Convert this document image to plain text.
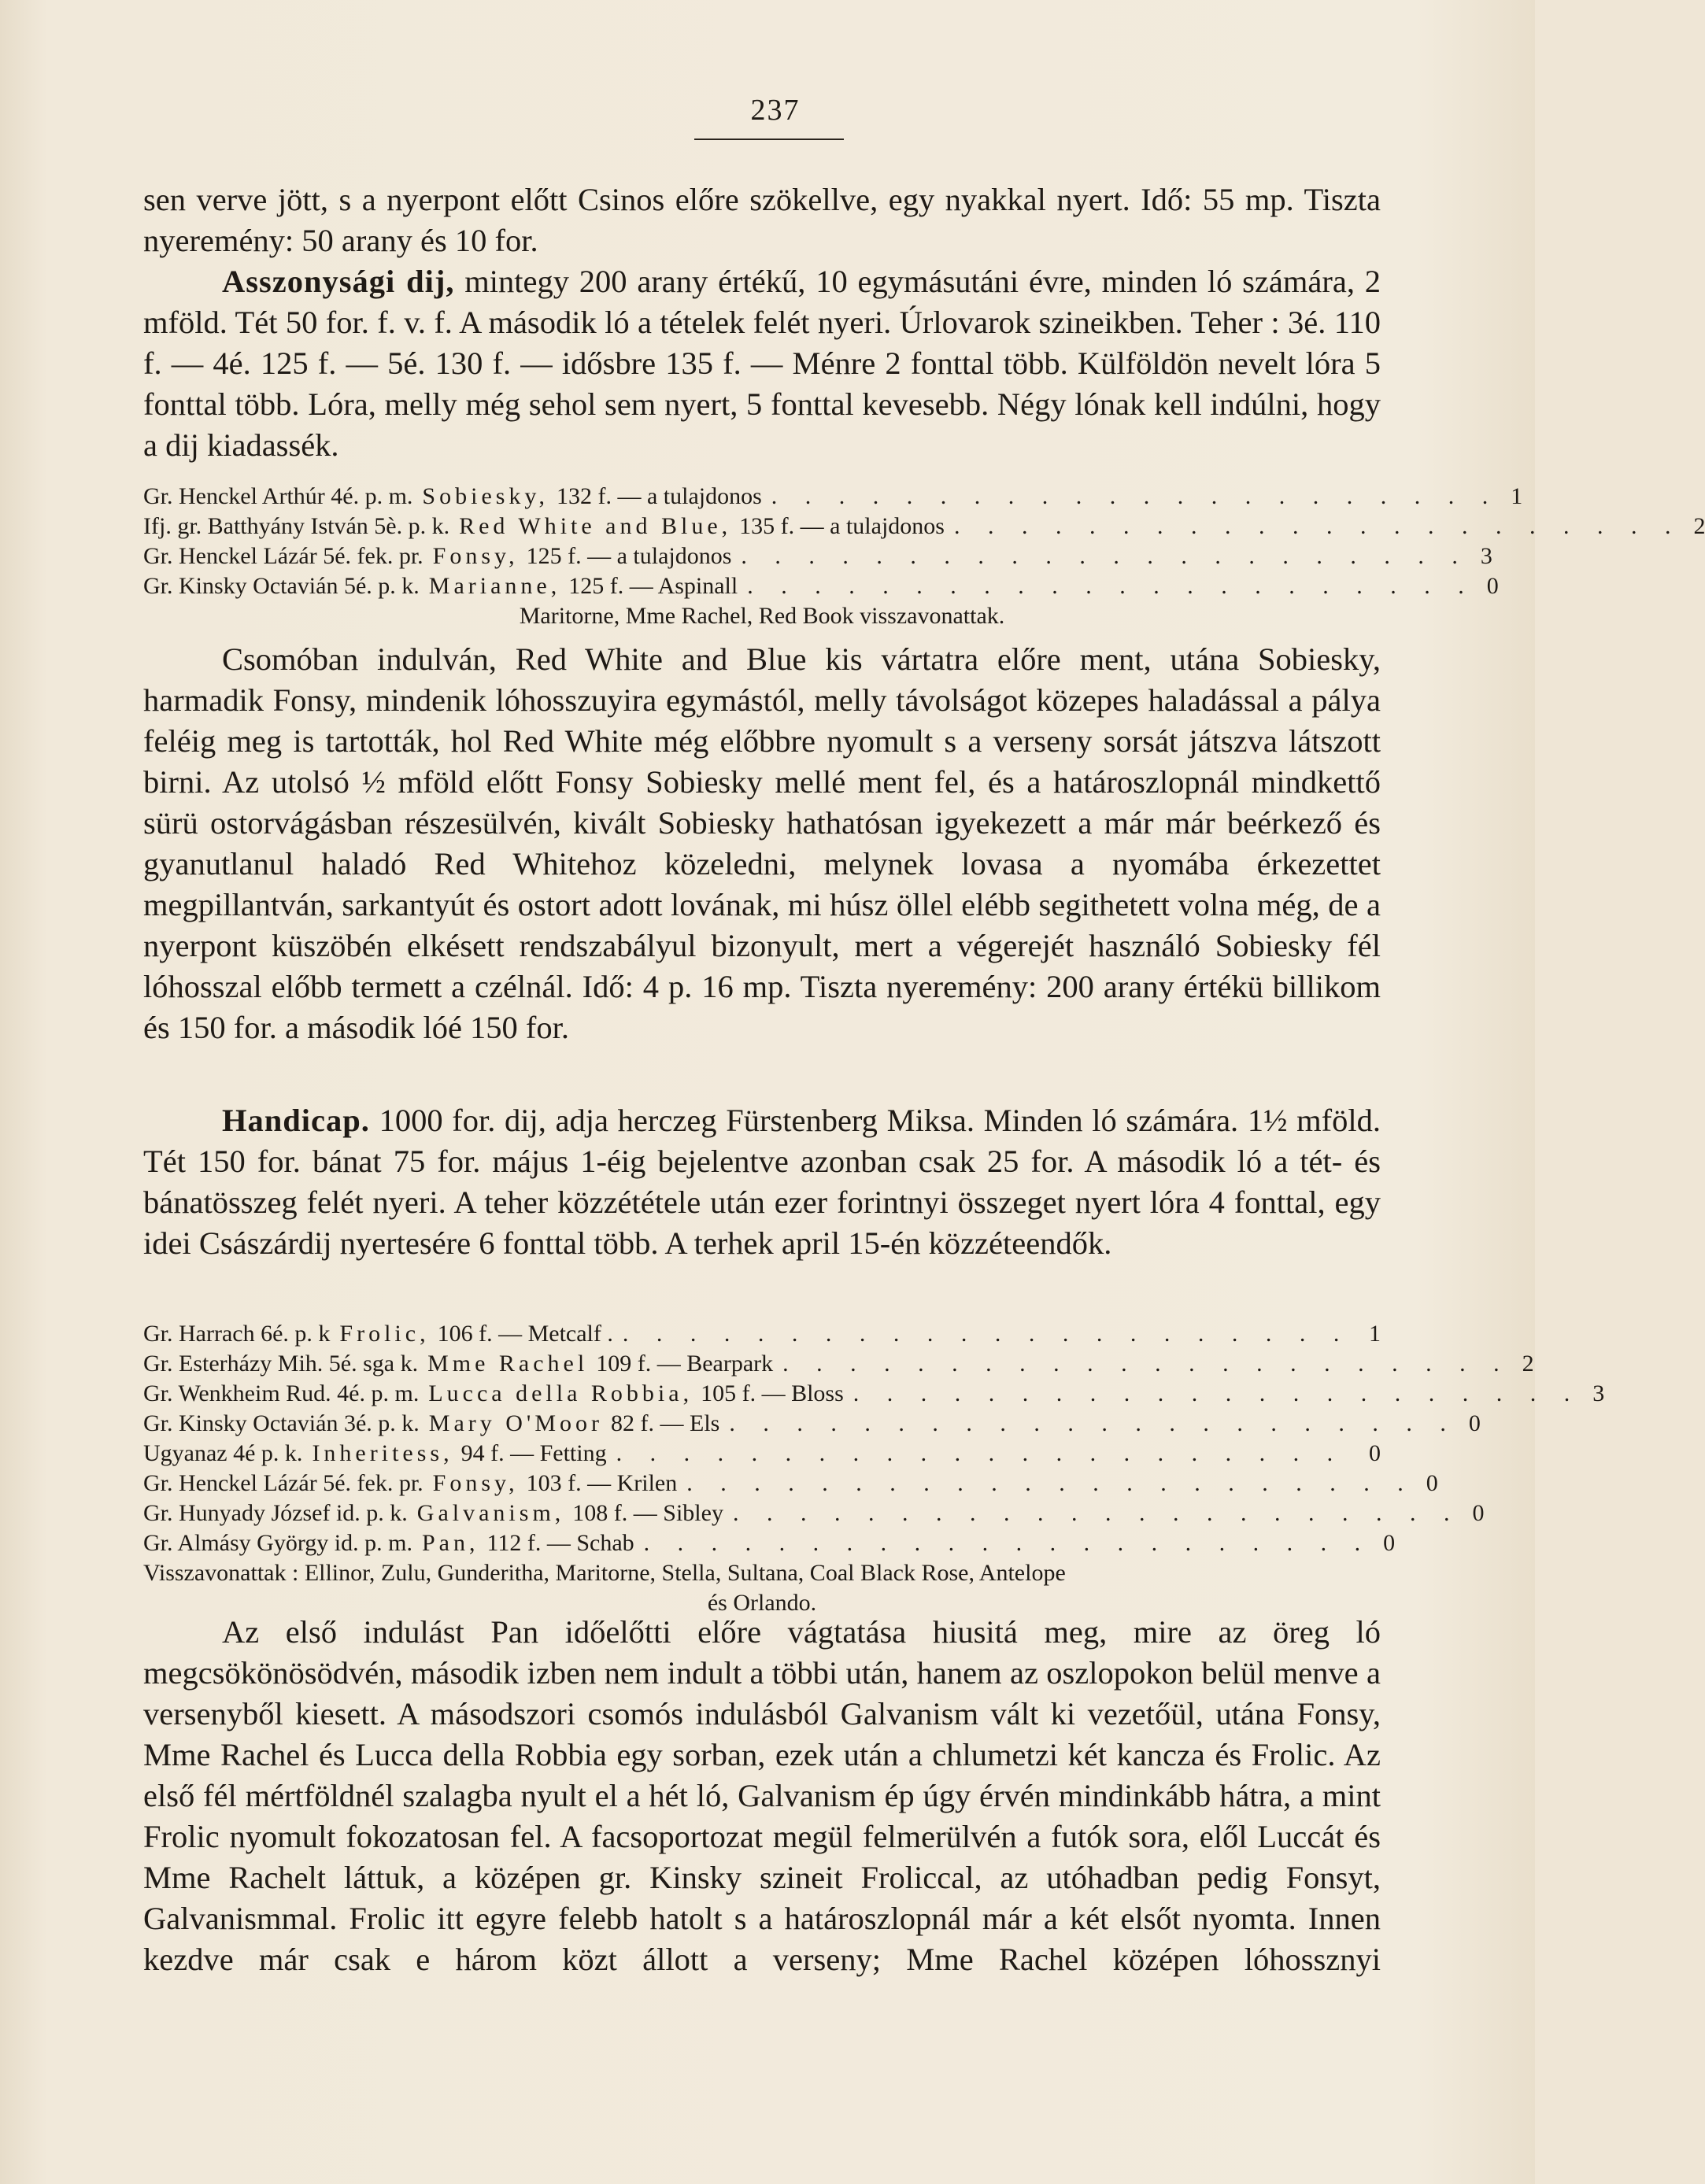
237

sen verve jött, s a nyerpont előtt Csinos előre szökellve, egy nyakkal nyert. Idő: 55 mp. Tiszta nyeremény: 50 arany és 10 for.

Asszonysági dij, mintegy 200 arany értékű, 10 egymásutáni évre, minden ló számára, 2 mföld. Tét 50 for. f. v. f. A második ló a tételek felét nyeri. Úrlovarok szineikben. Teher : 3é. 110 f. — 4é. 125 f. — 5é. 130 f. — idősbre 135 f. — Ménre 2 fonttal több. Külföldön nevelt lóra 5 fonttal több. Lóra, melly még sehol sem nyert, 5 fonttal kevesebb. Négy lónak kell indúlni, hogy a dij kiadassék.

Gr. Henckel Arthúr 4é. p. m. Sobiesky, 132 f. — a tulajdonos . . . . . . . . . . . . . . . . . . . . . . 1
Ifj. gr. Batthyány István 5è. p. k. Red White and Blue, 135 f. — a tulajdonos . . . . . . . . . . . . . . . . . . . . . . 2
Gr. Henckel Lázár 5é. fek. pr. Fonsy, 125 f. — a tulajdonos . . . . . . . . . . . . . . . . . . . . . . 3
Gr. Kinsky Octavián 5é. p. k. Marianne, 125 f. — Aspinall . . . . . . . . . . . . . . . . . . . . . . 0
Maritorne, Mme Rachel, Red Book visszavonattak.

Csomóban indulván, Red White and Blue kis vártatra előre ment, utána Sobiesky, harmadik Fonsy, mindenik lóhosszuyira egymástól, melly távolságot közepes haladással a pálya feléig meg is tartották, hol Red White még előbbre nyomult s a verseny sorsát játszva látszott birni. Az utolsó ½ mföld előtt Fonsy Sobiesky mellé ment fel, és a határoszlopnál mindkettő sürü ostorvágásban részesülvén, kivált Sobiesky hathatósan igyekezett a már már beérkező és gyanutlanul haladó Red Whitehoz közeledni, melynek lovasa a nyomába érkezettet megpillantván, sarkantyút és ostort adott lovának, mi húsz öllel elébb segithetett volna még, de a nyerpont küszöbén elkésett rendszabályul bizonyult, mert a végerejét használó Sobiesky fél lóhosszal előbb termett a czélnál. Idő: 4 p. 16 mp. Tiszta nyeremény: 200 arany értékü billikom és 150 for. a második lóé 150 for.

Handicap. 1000 for. dij, adja herczeg Fürstenberg Miksa. Minden ló számára. 1½ mföld. Tét 150 for. bánat 75 for. május 1-éig bejelentve azonban csak 25 for. A második ló a tét- és bánatösszeg felét nyeri. A teher közzététele után ezer forintnyi összeget nyert lóra 4 fonttal, egy idei Császárdij nyertesére 6 fonttal több. A terhek april 15-én közzéteendők.

Gr. Harrach 6é. p. k Frolic, 106 f. — Metcalf . . . . . . . . . . . . . . . . . . . . . . . 1
Gr. Esterházy Mih. 5é. sga k. Mme Rachel 109 f. — Bearpark . . . . . . . . . . . . . . . . . . . . . . 2
Gr. Wenkheim Rud. 4é. p. m. Lucca della Robbia, 105 f. — Bloss . . . . . . . . . . . . . . . . . . . . . . 3
Gr. Kinsky Octavián 3é. p. k. Mary O'Moor 82 f. — Els . . . . . . . . . . . . . . . . . . . . . . 0
Ugyanaz 4é p. k. Inheritess, 94 f. — Fetting . . . . . . . . . . . . . . . . . . . . . .	0
Gr. Henckel Lázár 5é. fek. pr. Fonsy, 103 f. — Krilen . . . . . . . . . . . . . . . . . . . . . . 0
Gr. Hunyady József id. p. k. Galvanism, 108 f. — Sibley . . . . . . . . . . . . . . . . . . . . . . 0
Gr. Almásy György id. p. m. Pan, 112 f. — Schab . . . . . . . . . . . . . . . . . . . . . . 0
Visszavonattak : Ellinor, Zulu, Gunderitha, Maritorne, Stella, Sultana, Coal Black Rose, Antelope
és Orlando.

Az első indulást Pan időelőtti előre vágtatása hiusitá meg, mire az öreg ló megcsökönösödvén, második izben nem indult a többi után, hanem az oszlopokon belül menve a versenyből kiesett. A másodszori csomós indulásból Galvanism vált ki vezetőül, utána Fonsy, Mme Rachel és Lucca della Robbia egy sorban, ezek után a chlumetzi két kancza és Frolic. Az első fél mértföldnél szalagba nyult el a hét ló, Galvanism ép úgy érvén mindinkább hátra, a mint Frolic nyomult fokozatosan fel. A facsoportozat megül felmerülvén a futók sora, elől Luccát és Mme Rachelt láttuk, a középen gr. Kinsky szineit Froliccal, az utóhadban pedig Fonsyt, Galvanismmal. Frolic itt egyre felebb hatolt s a határoszlopnál már a két elsőt nyomta. Innen kezdve már csak e három közt állott a verseny; Mme Rachel középen lóhossznyi
